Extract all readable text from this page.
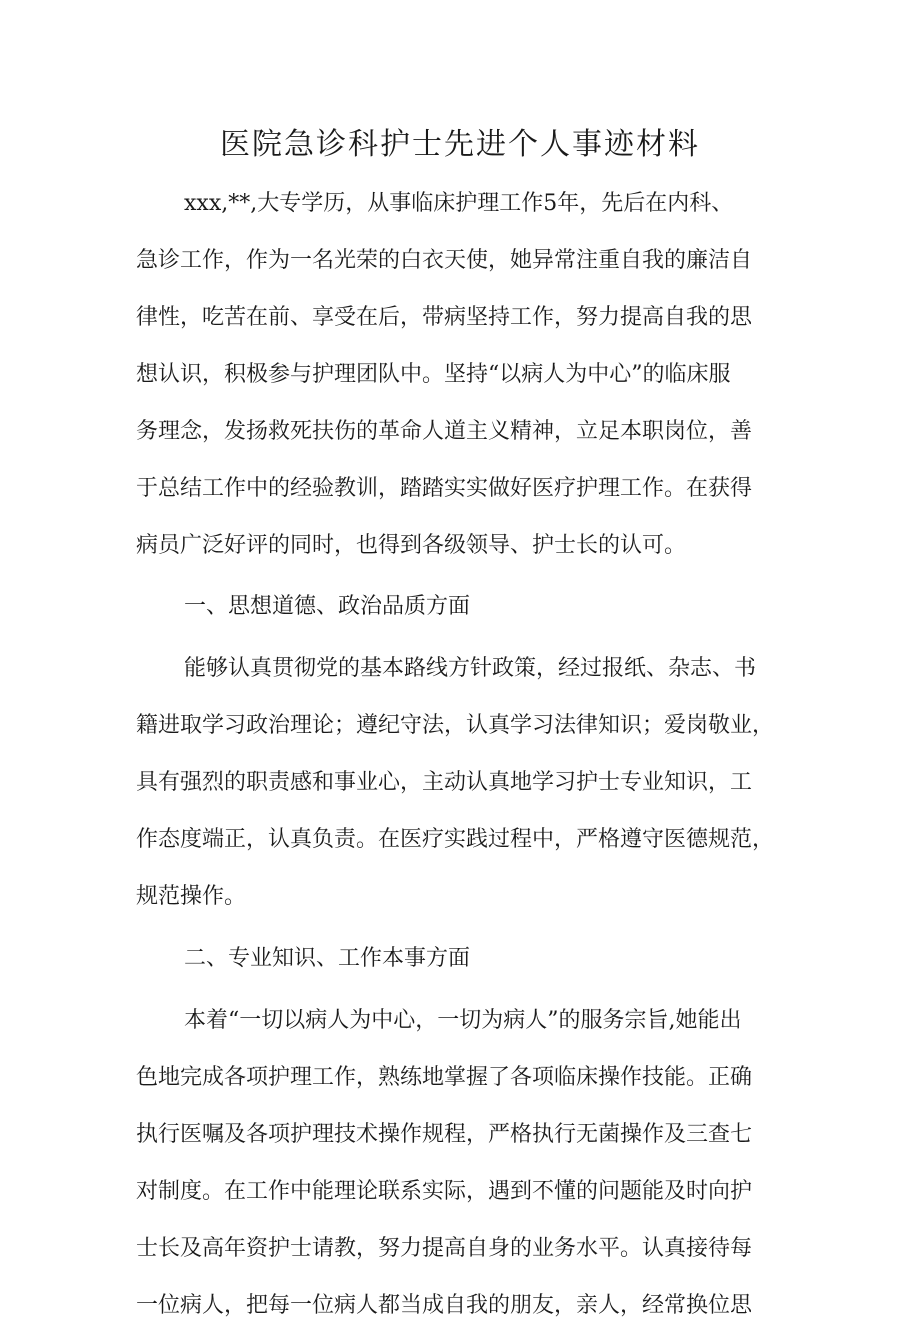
医院急诊科护士先进个人事迹材料

xxx,**,大专学历，从事临床护理工作5年，先后在内科、

急诊工作，作为一名光荣的白衣天使，她异常注重自我的廉洁自

律性，吃苦在前、享受在后，带病坚持工作，努力提高自我的思

想认识，积极参与护理团队中。坚持“以病人为中心”的临床服

务理念，发扬救死扶伤的革命人道主义精神，立足本职岗位，善

于总结工作中的经验教训，踏踏实实做好医疗护理工作。在获得

病员广泛好评的同时，也得到各级领导、护士长的认可。

一、思想道德、政治品质方面

能够认真贯彻党的基本路线方针政策，经过报纸、杂志、书

籍进取学习政治理论；遵纪守法，认真学习法律知识；爱岗敬业，

具有强烈的职责感和事业心，主动认真地学习护士专业知识，工

作态度端正，认真负责。在医疗实践过程中，严格遵守医德规范，

规范操作。

二、专业知识、工作本事方面

本着“一切以病人为中心，一切为病人”的服务宗旨,她能出

色地完成各项护理工作，熟练地掌握了各项临床操作技能。正确

执行医嘱及各项护理技术操作规程，严格执行无菌操作及三查七

对制度。在工作中能理论联系实际，遇到不懂的问题能及时向护

士长及高年资护士请教，努力提高自身的业务水平。认真接待每

一位病人，把每一位病人都当成自我的朋友，亲人，经常换位思
